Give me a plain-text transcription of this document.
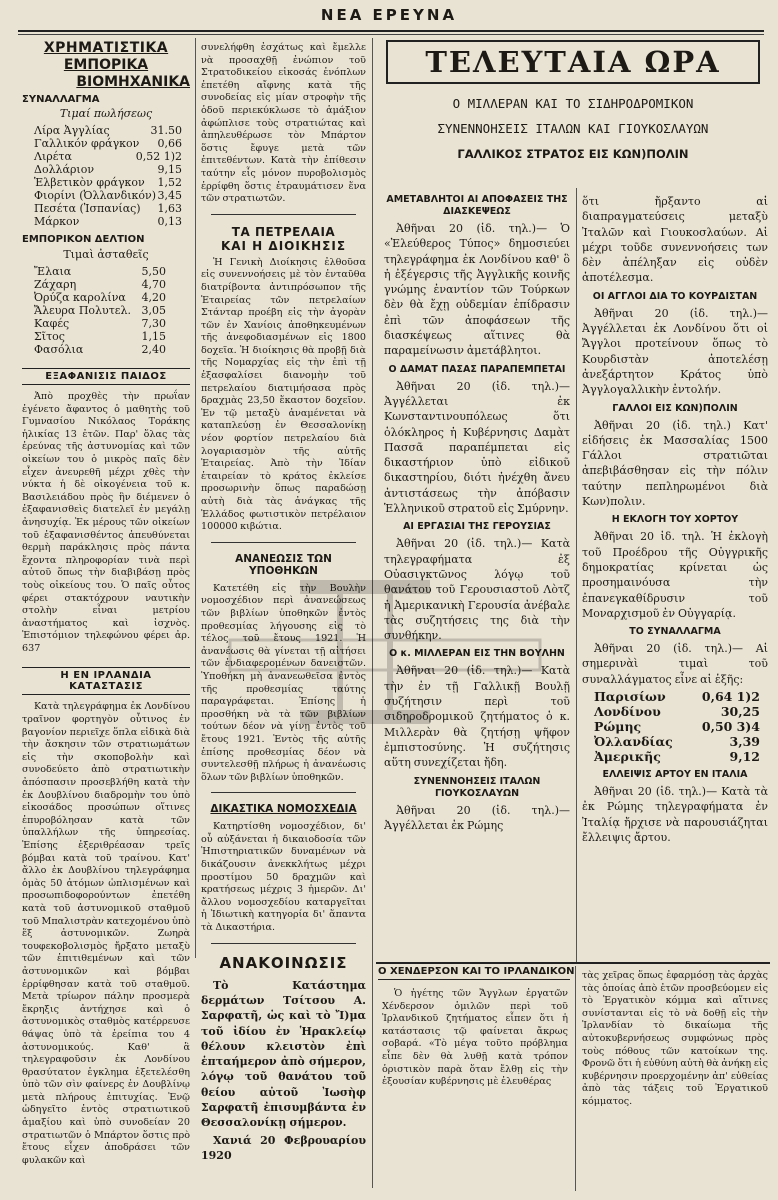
ΝΕΑ ΕΡΕΥΝΑ
ΧΡΗΜΑΤΙΣΤΙΚΑ
ΕΜΠΟΡΙΚΑ
ΒΙΟΜΗΧΑΝΙΚΑ
ΣΥΝΑΛΛΑΓΜΑ
Τιμαί πωλήσεως
Λίρα Ἀγγλίας	31.50
Γαλλικόν φράγκον 0,66
Λιρέτα	0,52 1)2
Δολλάριον	9,15
Ἑλβετικὸν φράγκον 1,52
Φιορίνι (Ὀλλανδικόν) 3,45
Πεσέτα (Ἰσπανίας) 1,63
Μάρκον	0,13
ΕΜΠΟΡΙΚΟΝ ΔΕΛΤΙΟΝ
Τιμαὶ ἀσταθεῖς
Ἔλαια	5,50
Ζάχαρη	4,70
Ὀρύζα καρολίνα 4,20
Ἄλευρα Πολυτελ. 3,05
Καφές	7,30
Σῖτος	1,15
Φασόλια	2,40
ΕΞΑΦΑΝΙΣΙΣ ΠΑΙΔΟΣ

Ἀπὸ προχθὲς τὴν πρωΐαν ἐγένετο ἄφαντος ὁ μαθητὴς τοῦ Γυμνασίου Νικόλαος Τοράκης ἡλικίας 13 ἐτῶν. Παρ' ὅλας τὰς ἐρεύνας τῆς ἀστυνομίας καὶ τῶν οἰκείων του ὁ μικρὸς παῖς δὲν εἶχεν ἀνευρεθῆ μέχρι χθὲς τὴν νύκτα ἡ δὲ οἰκογένεια τοῦ κ. Βασιλειάδου πρὸς ἣν διέμενεν ὁ ἐξαφανισθεὶς διατελεῖ ἐν μεγάλῃ ἀνησυχίᾳ. Ἐκ μέρους τῶν οἰκείων τοῦ ἐξαφανισθέντος ἀπευθύνεται θερμὴ παράκλησις πρὸς πάντα ἔχοντα πληροφορίαν τινὰ περὶ αὐτοῦ ὅπως τὴν διαβιβάσῃ πρὸς τοὺς οἰκείους του. Ὁ παῖς οὗτος φέρει στακτόχρουν ναυτικὴν στολὴν εἶναι μετρίου ἀναστήματος καὶ ἰσχνὸς. Ἐπιστόμιον τηλεφώνου φέρει ἀρ. 637

Η ΕΝ ΙΡΛΑΝΔΙΑ ΚΑΤΑΣΤΑΣΙΣ

Κατὰ τηλεγράφημα ἐκ Λονδίνου τραῖνον φορτηγὸν οὗτινος ἐν βαγονίον περιεῖχε ὅπλα εἰδικὰ διὰ τὴν ἄσκησιν τῶν στρατιωμάτων εἰς τὴν σκοποβολὴν καὶ συνοδεύετο ἀπὸ στρατιωτικὴν ἀπόσπασιν προσεβλήθη κατὰ τὴν ἐκ Δουβλίνου διαδρομὴν του ὑπὸ εἰκοσάδος προσώπων οἵτινες ἐπυροβόλησαν κατὰ τῶν ὑπαλλήλων τῆς ὑπηρεσίας. Ἐπίσης ἐξεριθρέασαν τρεῖς βόμβαι κατὰ τοῦ τραίνου. Κατ' ἄλλο ἐκ Δουβλίνου τηλεγράφημα ὁμὰς 50 ἀτόμων ὡπλισμένων καὶ προσωπιδοφορούντων ἐπετέθη κατὰ τοῦ ἀστυνομικοῦ σταθμοῦ τοῦ Μπαλιστρὰν κατεχομένου ὑπὸ ἕξ ἀστυνομικῶν. Ζωηρὰ τουφεκοβολισμὸς ἤρξατο μεταξὺ τῶν ἐπιτιθεμένων καὶ τῶν ἀστυνομικῶν καὶ βόμβαι ἐρρίφθησαν κατὰ τοῦ σταθμοῦ. Μετὰ τρίωρον πάλην προσμερὰ ἔκρηξις ἀντήχησε καὶ ὁ ἀστυνομικὸς σταθμὸς κατέρρευσε θάψας ὑπὸ τὰ ἐρείπια του 4 ἀστυνομικούς. Καθ' ἃ τηλεγραφοῦσιν ἐκ Λονδίνου θρασύτατον ἐγκλημα ἐξετελέσθη ὑπὸ τῶν σὶν φαίνερς ἐν Δουβλίνῳ μετὰ πλήρους ἐπιτυχίας. Ἐνῷ ὡδηγεῖτο ἐντὸς στρατιωτικοῦ ἁμαξίου καὶ ὑπὸ συνοδείαν 20 στρατιωτῶν ὁ Μπάρτον ὅστις πρὸ ἔτους εἶχεν ἀποδράσει τῶν φυλακῶν καὶ

συνελήφθη ἐσχάτως καὶ ἔμελλε νὰ προσαχθῇ ἐνώπιον τοῦ Στρατοδικείου εἰκοσάς ἐνόπλων ἐπετέθη αἴφνης κατὰ τῆς συνοδείας εἰς μίαν στροφὴν τῆς ὁδοῦ περιεκύκλωσε τὸ ἁμάξιον ἀφώπλισε τοὺς στρατιώτας καὶ ἀπηλευθέρωσε τὸν Μπάρτον ὅστις ἔφυγε μετὰ τῶν ἐπιτεθέντων. Κατὰ τὴν ἐπίθεσιν ταύτην εἷς μόνον πυροβολισμὸς ἐρρίφθη ὅστις ἐτραυμάτισεν ἕνα τῶν στρατιωτῶν.

ΤΑ ΠΕΤΡΕΛΑΙΑ
ΚΑΙ Η ΔΙΟΙΚΗΣΙΣ

Ἡ Γενικὴ Διοίκησις ἐλθοῦσα εἰς συνεννοήσεις μὲ τὸν ἐνταῦθα διατρίβοντα ἀντιπρόσωπον τῆς Ἑταιρείας τῶν πετρελαίων Στάνταρ προέβη εἰς τὴν ἀγορὰν τῶν ἐν Χανίοις ἀποθηκευμένων τῆς ἀνεφοδιασμένων εἰς 1800 δοχεῖα. Ἡ διοίκησις θὰ προβῇ διὰ τῆς Νομαρχίας εἰς τὴν ἐπὶ τῇ ἐξασφαλίσει διανομὴν τοῦ πετρελαίου διατιμήσασα πρὸς δραχμὰς 23,50 ἕκαστον δοχεῖον. Ἐν τῷ μεταξὺ ἀναμένεται νὰ καταπλεύσῃ ἐν Θεσσαλονίκῃ νέον φορτίον πετρελαίου διὰ λογαριασμὸν τῆς αὐτῆς Ἑταιρείας. Ἀπὸ τὴν Ἰδίαν ἑταιρείαν τὸ κράτος ἐκλείσε προσωρινὴν ὅπως παραδώσῃ αὐτὴ διὰ τὰς ἀνάγκας τῆς Ἑλλάδος φωτιστικὸν πετρέλαιον 100000 κιβώτια.

ΑΝΑΝΕΩΣΙΣ ΤΩΝ ΥΠΟΘΗΚΩΝ

Κατετέθη εἰς τὴν Βουλὴν νομοσχέδιον περὶ ἀνανεώσεως τῶν βιβλίων ὑποθηκῶν ἐντὸς προθεσμίας λήγουσης εἰς τὸ τέλος τοῦ ἔτους 1921. Ἡ ἀνανέωσις θὰ γίνεται τῇ αἰτήσει τῶν ἐνδιαφερομένων δανειστῶν. Ὑποθήκη μὴ ἀνανεωθεῖσα ἐντὸς τῆς προθεσμίας ταύτης παραγράφεται. Ἐπίσης ἡ προσθήκη νὰ τὰ τῶν βιβλίων τούτων δέον νὰ γίνῃ ἐντὸς τοῦ ἔτους 1921. Ἐντὸς τῆς αὐτῆς ἐπίσης προθεσμίας δέον νὰ συντελεσθῇ πλήρως ἡ ἀνανέωσις ὅλων τῶν βιβλίων ὑποθηκῶν.

ΔΙΚΑΣΤΙΚΑ ΝΟΜΟΣΧΕΔΙΑ

Κατηρτίσθη νομοσχέδιον, δι' οὗ αὐξάνεται ἡ δικαιοδοσία τῶν Ἠπιστηριατικῶν δυναμένων νὰ δικάζουσιν ἀνεκκλήτως μέχρι προστίμου 50 δραχμῶν καὶ κρατήσεως μέχρις 3 ἡμερῶν. Δι' ἄλλου νομοσχεδίου καταργεῖται ἡ Ἰδιωτικὴ κατηγορία δι' ἅπαντα τὰ Δικαστήρια.

ΑΝΑΚΟΙΝΩΣΙΣ

Τὸ Κατάστημα δερμάτων Τσίτσου Α. Σαρφατῆ, ὡς καὶ τὸ Ἴ)μα τοῦ ἰδίου ἐν Ἡρακλείῳ θέλουν κλειστὸν ἐπὶ ἑπταήμερον ἀπὸ σήμερον, λόγῳ τοῦ θανάτου τοῦ θείου αὐτοῦ Ἰωσὴφ Σαρφατῆ ἐπισυμβάντα ἐν Θεσσαλονίκῃ σήμερον.

Χανιά 20 Φεβρουαρίου 1920

ΤΕΛΕΥΤΑΙΑ ΩΡΑ
Ο ΜΙΛΛΕΡΑΝ ΚΑΙ ΤΟ ΣΙΔΗΡΟΔΡΟΜΙΚΟΝ
ΣΥΝΕΝΝΟΗΣΕΙΣ ΙΤΑΛΩΝ ΚΑΙ ΓΙΟΥΚΟΣΛΑΥΩΝ
ΓΑΛΛΙΚΟΣ ΣΤΡΑΤΟΣ ΕΙΣ ΚΩΝ)ΠΟΛΙΝ
ΑΜΕΤΑΒΛΗΤΟΙ ΑΙ ΑΠΟΦΑΣΕΙΣ ΤΗΣ ΔΙΑΣΚΕΨΕΩΣ

Ἀθῆναι 20 (ἰδ. τηλ.)— Ὁ «Ἐλεύθερος Τύπος» δημοσιεύει τηλεγράφημα ἐκ Λονδίνου καθ' ὃ ἡ ἐξέγερσις τῆς Ἀγγλικῆς κοινῆς γνώμης ἐναντίον τῶν Τούρκων δὲν θὰ ἔχῃ οὐδεμίαν ἐπίδρασιν ἐπὶ τῶν ἀποφάσεων τῆς διασκέψεως αἵτινες θὰ παραμείνωσιν ἀμετάβλητοι.

Ο ΔΑΜΑΤ ΠΑΣΑΣ ΠΑΡΑΠΕΜΠΕΤΑΙ

Ἀθῆναι 20 (ἰδ. τηλ.)— Ἀγγέλλεται ἐκ Κωνσταντινουπόλεως ὅτι ὁλόκληρος ἡ Κυβέρνησις Δαμὰτ Πασσᾶ παραπέμπεται εἰς δικαστήριον ὑπὸ εἰδικοῦ δικαστηρίου, διότι ἠνέχθη ἄνευ ἀντιστάσεως τὴν ἀπόβασιν Ἑλληνικοῦ στρατοῦ εἰς Σμύρνην.

ΑΙ ΕΡΓΑΣΙΑΙ ΤΗΣ ΓΕΡΟΥΣΙΑΣ

Ἀθῆναι 20 (ἰδ. τηλ.)— Κατὰ τηλεγραφήματα ἐξ Οὐασιγκτῶνος λόγῳ τοῦ θανάτου τοῦ Γερουσιαστοῦ Λὸτζ ἡ Ἀμερικανικὴ Γερουσία ἀνέβαλε τὰς συζητήσεις της διὰ τὴν συνθήκην.

Ο κ. ΜΙΛΛΕΡΑΝ ΕΙΣ ΤΗΝ ΒΟΥΛΗΝ

Ἀθῆναι 20 (ἰδ. τηλ.)— Κατὰ τὴν ἐν τῇ Γαλλικῇ Βουλῇ συζήτησιν περὶ τοῦ σιδηροδρομικοῦ ζητήματος ὁ κ. Μιλλερὰν θὰ ζητήσῃ ψῆφον ἐμπιστοσύνης. Ἡ συζήτησις αὕτη συνεχίζεται ἤδη.

ΣΥΝΕΝΝΟΗΣΕΙΣ ΙΤΑΛΩΝ ΓΙΟΥΚΟΣΛΑΥΩΝ

Ἀθῆναι 20 (ἰδ. τηλ.)— Ἀγγέλλεται ἐκ Ρώμης

ὅτι ἤρξαντο αἱ διαπραγματεύσεις μεταξὺ Ἰταλῶν καὶ Γιουκοσλαύων. Αἱ μέχρι τοῦδε συνεννοήσεις των δὲν ἀπέληξαν εἰς οὐδὲν ἀποτέλεσμα.

ΟΙ ΑΓΓΛΟΙ ΔΙΑ ΤΟ ΚΟΥΡΔΙΣΤΑΝ

Ἀθῆναι 20 (ἰδ. τηλ.)— Ἀγγέλλεται ἐκ Λονδίνου ὅτι οἱ Ἄγγλοι προτείνουν ὅπως τὸ Κουρδιστὰν ἀποτελέσῃ ἀνεξάρτητον Κράτος ὑπὸ Ἀγγλογαλλικὴν ἐντολήν.

ΓΑΛΛΟΙ ΕΙΣ ΚΩΝ)ΠΟΛΙΝ

Ἀθῆναι 20 (ἰδ. τηλ.) Κατ' εἰδήσεις ἐκ Μασσαλίας 1500 Γάλλοι στρατιῶται ἀπεβιβάσθησαν εἰς τὴν πόλιν ταύτην πεπληρωμένοι διὰ Κων)πολιν.

Η ΕΚΛΟΓΗ ΤΟΥ ΧΟΡΤΟΥ

Ἀθῆναι 20 ἰδ. τηλ. Ἡ ἐκλογὴ τοῦ Προέδρου τῆς Οὐγγρικῆς δημοκρατίας κρίνεται ὡς προσημαινόυσα τὴν ἐπανεγκαθίδρυσιν τοῦ Μοναρχισμοῦ ἐν Οὐγγαρίᾳ.

ΤΟ ΣΥΝΑΛΛΑΓΜΑ

Ἀθῆναι 20 (ἰδ. τηλ.)— Αἱ σημερινὰὶ τιμαὶ τοῦ συναλλάγματος εἶνε αἱ ἑξῆς:

Παρισίων	0,64 1)2
Λονδίνου	30,25
Ρώμης	0,50 3)4
Ὀλλανδίας	3,39
Ἀμερικῆς	9,12
ΕΛΛΕΙΨΙΣ ΑΡΤΟΥ ΕΝ ΙΤΑΛΙΑ

Ἀθῆναι 20 (ἰδ. τηλ.)— Κατὰ τὰ ἐκ Ρώμης τηλεγραφήματα ἐν Ἰταλίᾳ ἤρχισε νὰ παρουσιάζηται ἔλλειψις ἄρτου.

Ο ΧΕΝΔΕΡΣΟΝ ΚΑΙ ΤΟ ΙΡΛΑΝΔΙΚΟΝ

Ὁ ἡγέτης τῶν Ἄγγλων ἐργατῶν Χένδερσον ὁμιλῶν περὶ τοῦ Ἰρλανδικοῦ ζητήματος εἶπεν ὅτι ἡ κατάστασις τῷ φαίνεται ἄκρως σοβαρά. «Τὸ μέγα τοῦτο πρόβλημα εἶπε δὲν θὰ λυθῇ κατὰ τρόπον ὁριστικὸν παρὰ ὅταν ἔλθῃ εἰς τὴν ἐξουσίαν κυβέρνησις μὲ ἐλευθέρας

τὰς χεῖρας ὅπως ἐφαρμόσῃ τὰς ἀρχὰς τὰς ὁποίας ἀπὸ ἐτῶν προσβεύομεν εἰς τὸ Ἐργατικὸν κόμμα καὶ αἵτινες συνίστανται εἰς τὸ νὰ δοθῇ εἰς τὴν Ἰρλανδίαν τὸ δικαίωμα τῆς αὐτοκυβερνήσεως συμφώνως πρὸς τοὺς πόθους τῶν κατοίκων της. Φρονῶ ὅτι ἡ εὐθύνη αὐτὴ θὰ ἀνήκῃ εἰς κυβέρνησιν προερχομένην ἀπ' εὐθείας ἀπὸ τὰς τάξεις τοῦ Ἐργατικοῦ κόμματος.
